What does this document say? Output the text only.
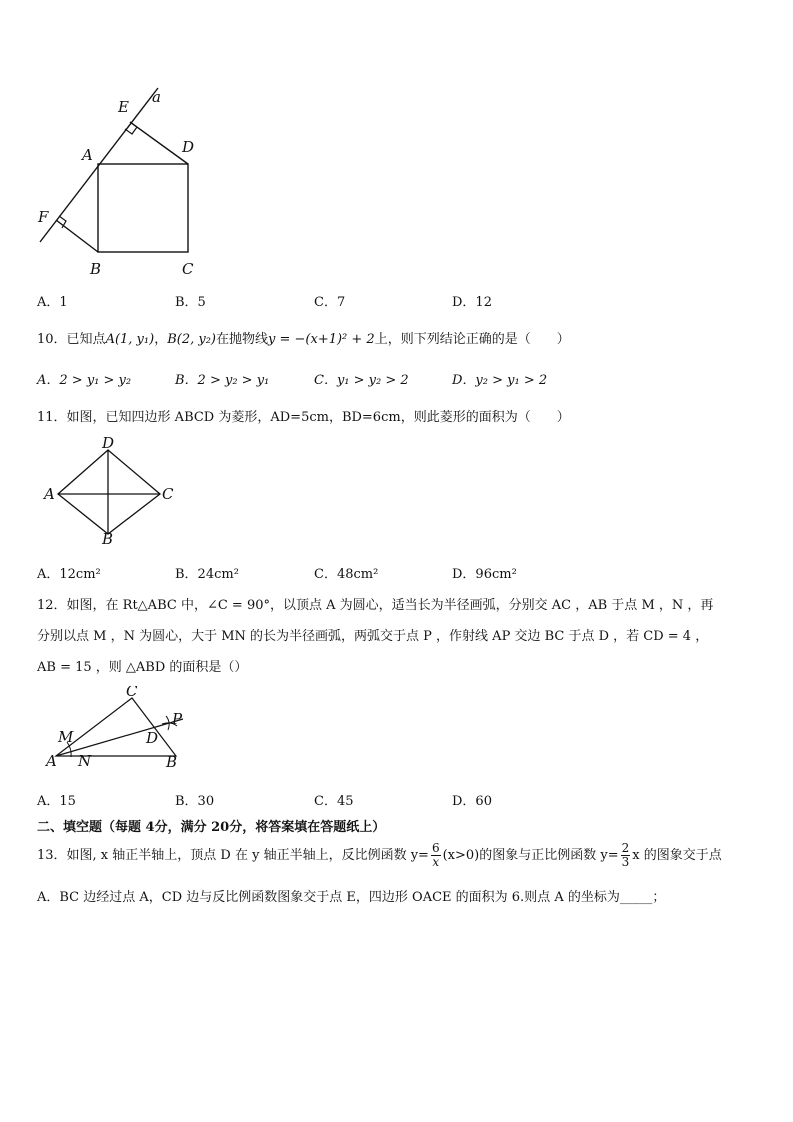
E
a
A	D
F
B	C
A．1	B．5	C．7	D．12
10．已知点A(1, y₁)，B(2, y₂)在抛物线y = −(x+1)² + 2上，则下列结论正确的是（　　）
A．2 > y₁ > y₂	B．2 > y₂ > y₁	C．y₁ > y₂ > 2	D．y₂ > y₁ > 2
11．如图，已知四边形 ABCD 为菱形，AD=5cm，BD=6cm，则此菱形的面积为（　　）
D
A	C
B
A．12cm²	B．24cm²	C．48cm²	D．96cm²
12．如图，在 Rt△ABC 中，∠C = 90°，以顶点 A 为圆心，适当长为半径画弧，分别交 AC ，AB 于点 M ，N ，再
分别以点 M ，N 为圆心，大于 MN 的长为半径画弧，两弧交于点 P ，作射线 AP 交边 BC 于点 D ，若 CD = 4 ，
AB = 15 ，则 △ABD 的面积是（）
C
P
M	D
A N	B
A．15	B．30	C．45	D．60
二、填空题（每题 4分，满分 20分，将答案填在答题纸上）
13．如图, x 轴正半轴上，顶点 D 在 y 轴正半轴上，反比例函数 $y= \frac{6}{x} (x>0)$的图象与正比例函数 $y= \frac{2}{3}$ x 的图象交于点
A．BC 边经过点 A，CD 边与反比例函数图象交于点 E，四边形 OACE 的面积为 6.则点 A 的坐标为_____；
